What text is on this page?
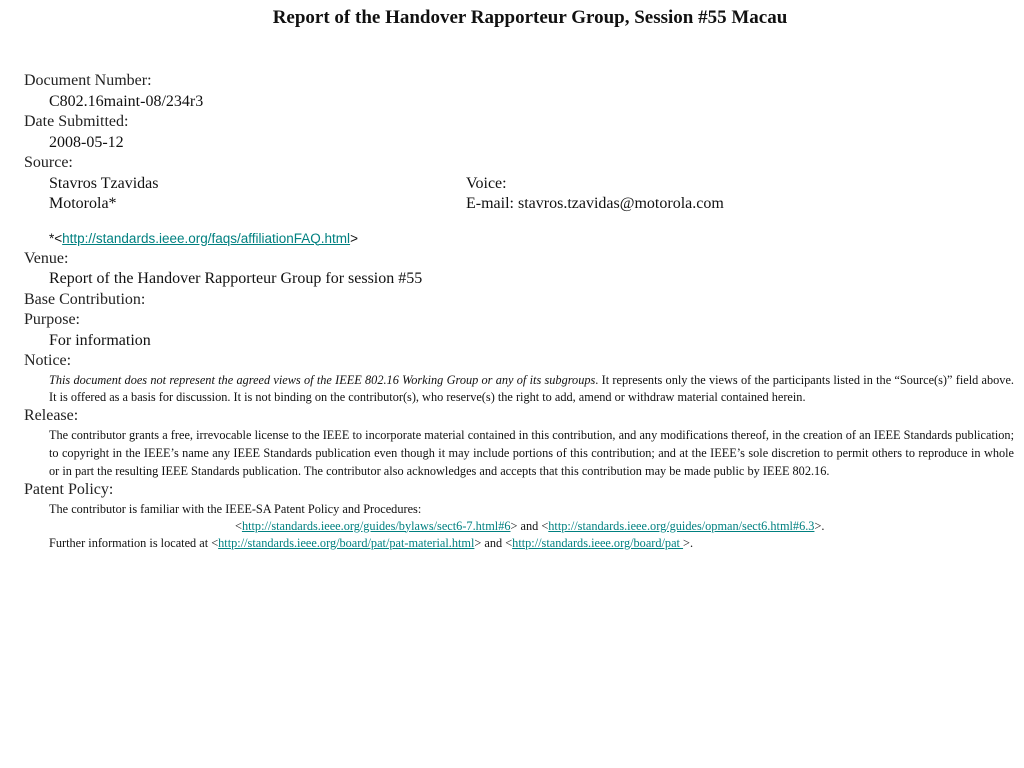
Report of the Handover Rapporteur Group, Session #55 Macau
Document Number:
C802.16maint-08/234r3
Date Submitted:
2008-05-12
Source:
Stavros Tzavidas	Voice:
Motorola*	E-mail: stavros.tzavidas@motorola.com
*<http://standards.ieee.org/faqs/affiliationFAQ.html>
Venue:
Report of the Handover Rapporteur Group for session #55
Base Contribution:
Purpose:
For information
Notice:
This document does not represent the agreed views of the IEEE 802.16 Working Group or any of its subgroups. It represents only the views of the participants listed in the “Source(s)” field above. It is offered as a basis for discussion. It is not binding on the contributor(s), who reserve(s) the right to add, amend or withdraw material contained herein.
Release:
The contributor grants a free, irrevocable license to the IEEE to incorporate material contained in this contribution, and any modifications thereof, in the creation of an IEEE Standards publication; to copyright in the IEEE’s name any IEEE Standards publication even though it may include portions of this contribution; and at the IEEE’s sole discretion to permit others to reproduce in whole or in part the resulting IEEE Standards publication. The contributor also acknowledges and accepts that this contribution may be made public by IEEE 802.16.
Patent Policy:
The contributor is familiar with the IEEE-SA Patent Policy and Procedures:
<http://standards.ieee.org/guides/bylaws/sect6-7.html#6> and <http://standards.ieee.org/guides/opman/sect6.html#6.3>.
Further information is located at <http://standards.ieee.org/board/pat/pat-material.html> and <http://standards.ieee.org/board/pat >.
